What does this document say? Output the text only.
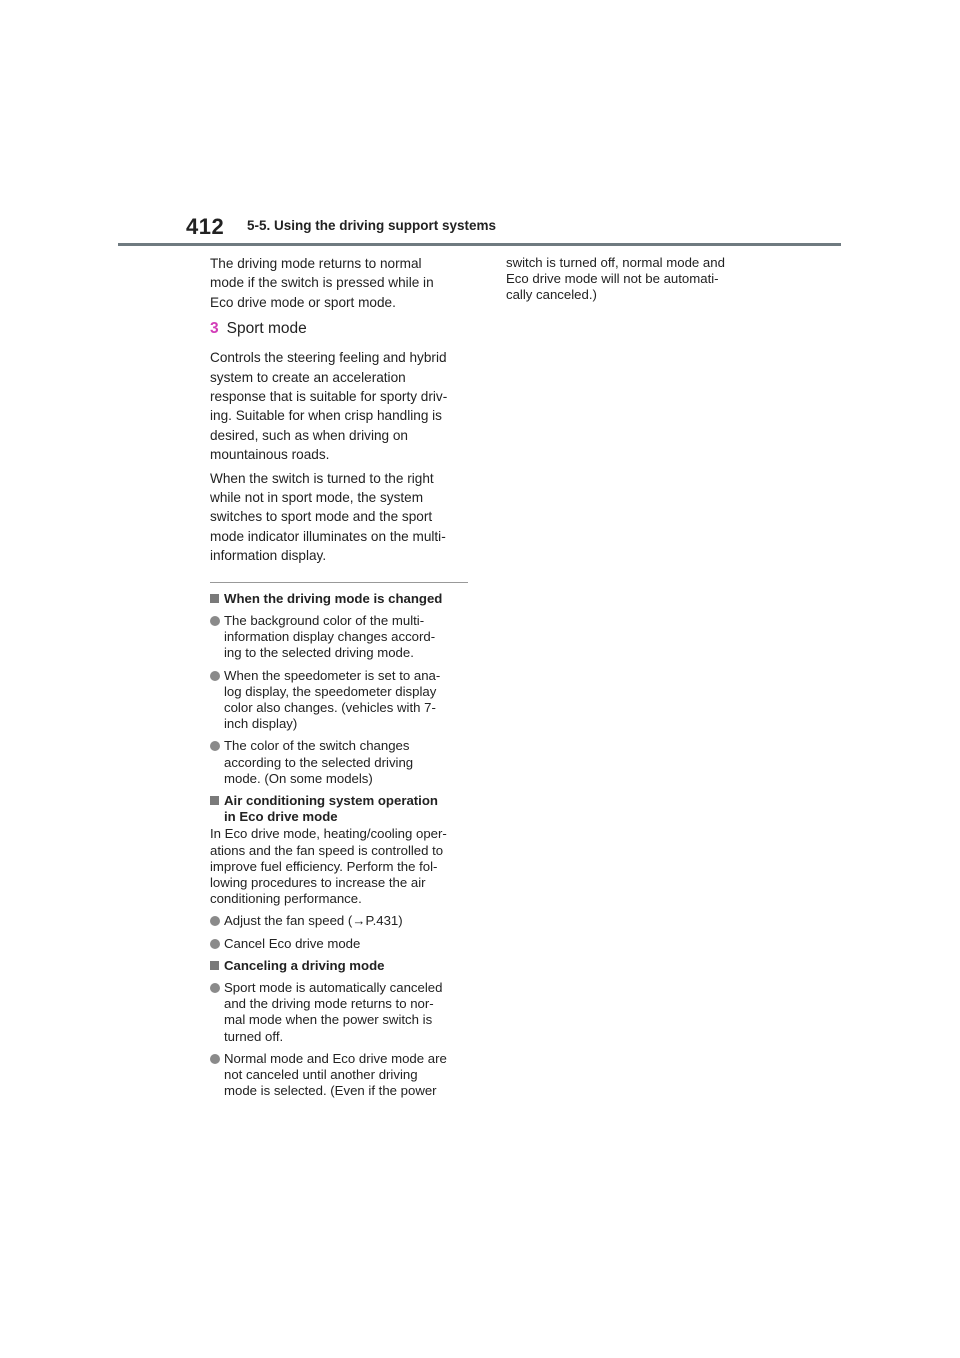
412 5-5. Using the driving support systems

The driving mode returns to normal
mode if the switch is pressed while in
Eco drive mode or sport mode.

3 Sport mode

Controls the steering feeling and hybrid
system to create an acceleration
response that is suitable for sporty driv-
ing. Suitable for when crisp handling is
desired, such as when driving on
mountainous roads.

When the switch is turned to the right
while not in sport mode, the system
switches to sport mode and the sport
mode indicator illuminates on the multi-
information display.

When the driving mode is changed

The background color of the multi-
information display changes accord-
ing to the selected driving mode.

When the speedometer is set to ana-
log display, the speedometer display
color also changes. (vehicles with 7-
inch display)

The color of the switch changes
according to the selected driving
mode. (On some models)

Air conditioning system operation
in Eco drive mode

In Eco drive mode, heating/cooling oper-
ations and the fan speed is controlled to
improve fuel efficiency. Perform the fol-
lowing procedures to increase the air
conditioning performance.

Adjust the fan speed (→P.431)

Cancel Eco drive mode

Canceling a driving mode

Sport mode is automatically canceled
and the driving mode returns to nor-
mal mode when the power switch is
turned off.

Normal mode and Eco drive mode are
not canceled until another driving
mode is selected. (Even if the power

switch is turned off, normal mode and
Eco drive mode will not be automati-
cally canceled.)
